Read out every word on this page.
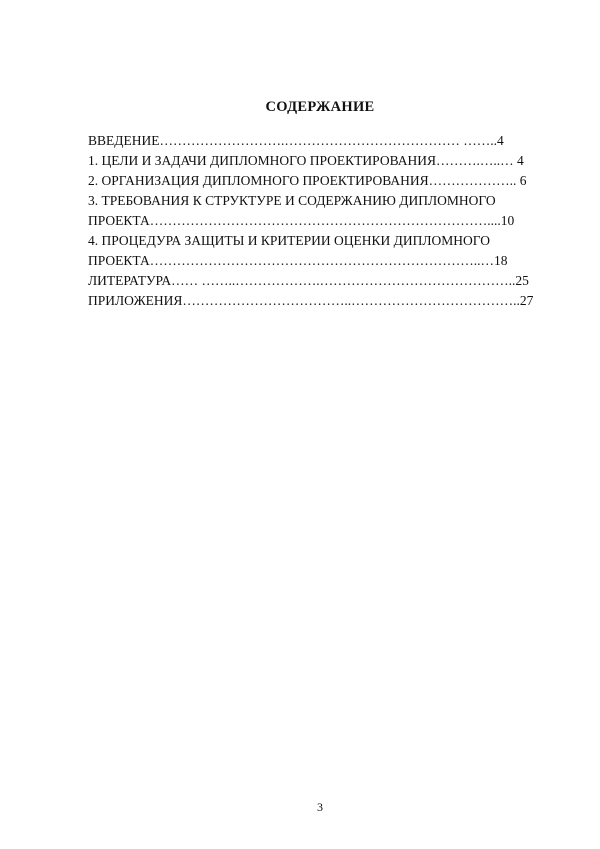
СОДЕРЖАНИЕ
ВВЕДЕНИЕ……………………….………………………………… ……..4
1. ЦЕЛИ И ЗАДАЧИ ДИПЛОМНОГО ПРОЕКТИРОВАНИЯ……….…..… 4
2. ОРГАНИЗАЦИЯ ДИПЛОМНОГО ПРОЕКТИРОВАНИЯ……………….. 6
3. ТРЕБОВАНИЯ К СТРУКТУРЕ И СОДЕРЖАНИЮ ДИПЛОМНОГО
ПРОЕКТА…………………………………………………………………....10
4. ПРОЦЕДУРА ЗАЩИТЫ И КРИТЕРИИ ОЦЕНКИ ДИПЛОМНОГО
ПРОЕКТА………………………………………………………………..…18
ЛИТЕРАТУРА…… ……..……………….……………………………………..25
ПРИЛОЖЕНИЯ………………………………..………………………………..27
3
